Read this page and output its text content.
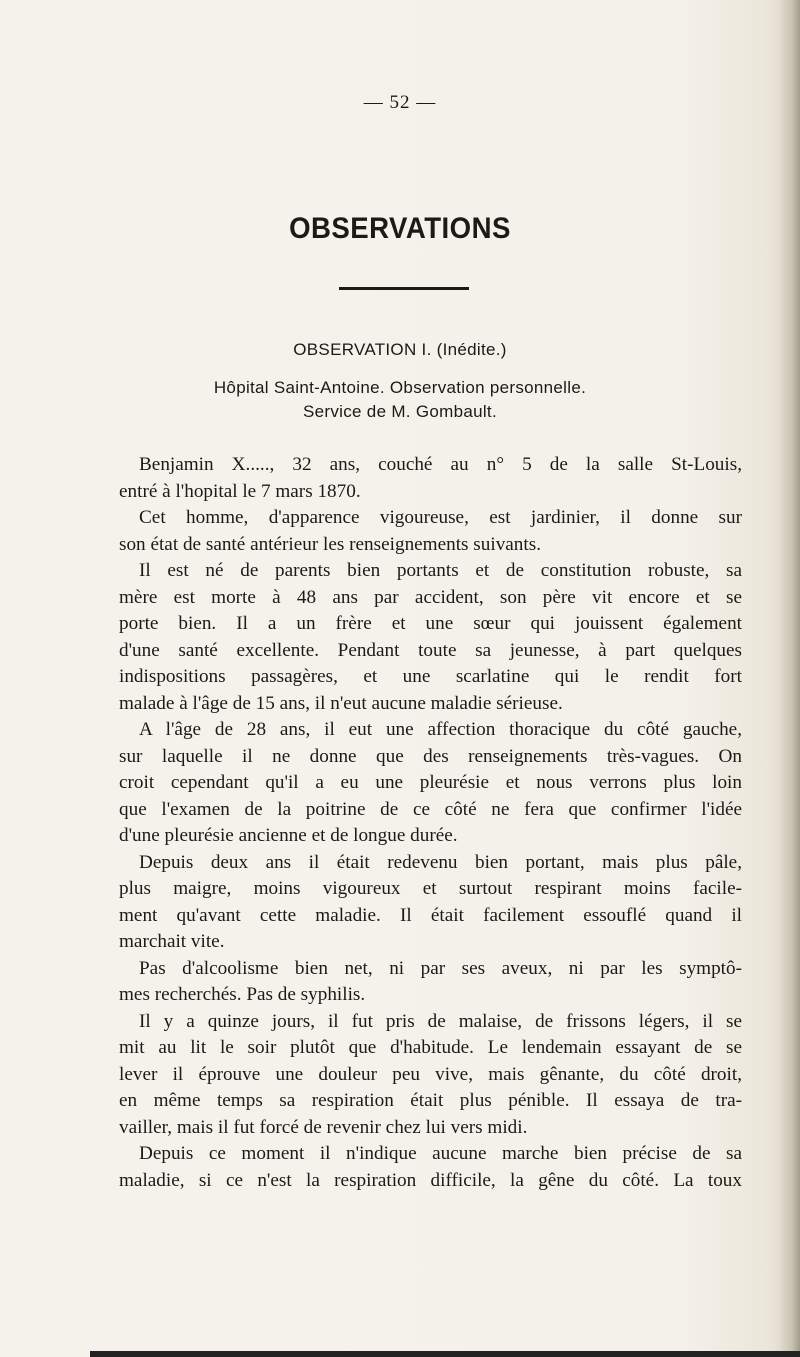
— 52 —
OBSERVATIONS
OBSERVATION I. (Inédite.)
Hôpital Saint-Antoine. Observation personnelle.
Service de M. Gombault.
Benjamin X....., 32 ans, couché au n° 5 de la salle St-Louis,
entré à l'hopital le 7 mars 1870.
Cet homme, d'apparence vigoureuse, est jardinier, il donne sur
son état de santé antérieur les renseignements suivants.
Il est né de parents bien portants et de constitution robuste, sa
mère est morte à 48 ans par accident, son père vit encore et se
porte bien. Il a un frère et une sœur qui jouissent également
d'une santé excellente. Pendant toute sa jeunesse, à part quelques
indispositions passagères, et une scarlatine qui le rendit fort
malade à l'âge de 15 ans, il n'eut aucune maladie sérieuse.
A l'âge de 28 ans, il eut une affection thoracique du côté gauche,
sur laquelle il ne donne que des renseignements très-vagues. On
croit cependant qu'il a eu une pleurésie et nous verrons plus loin
que l'examen de la poitrine de ce côté ne fera que confirmer l'idée
d'une pleurésie ancienne et de longue durée.
Depuis deux ans il était redevenu bien portant, mais plus pâle,
plus maigre, moins vigoureux et surtout respirant moins facile-
ment qu'avant cette maladie. Il était facilement essouflé quand il
marchait vite.
Pas d'alcoolisme bien net, ni par ses aveux, ni par les symptô-
mes recherchés. Pas de syphilis.
Il y a quinze jours, il fut pris de malaise, de frissons légers, il se
mit au lit le soir plutôt que d'habitude. Le lendemain essayant de se
lever il éprouve une douleur peu vive, mais gênante, du côté droit,
en même temps sa respiration était plus pénible. Il essaya de tra-
vailler, mais il fut forcé de revenir chez lui vers midi.
Depuis ce moment il n'indique aucune marche bien précise de sa
maladie, si ce n'est la respiration difficile, la gêne du côté. La toux
